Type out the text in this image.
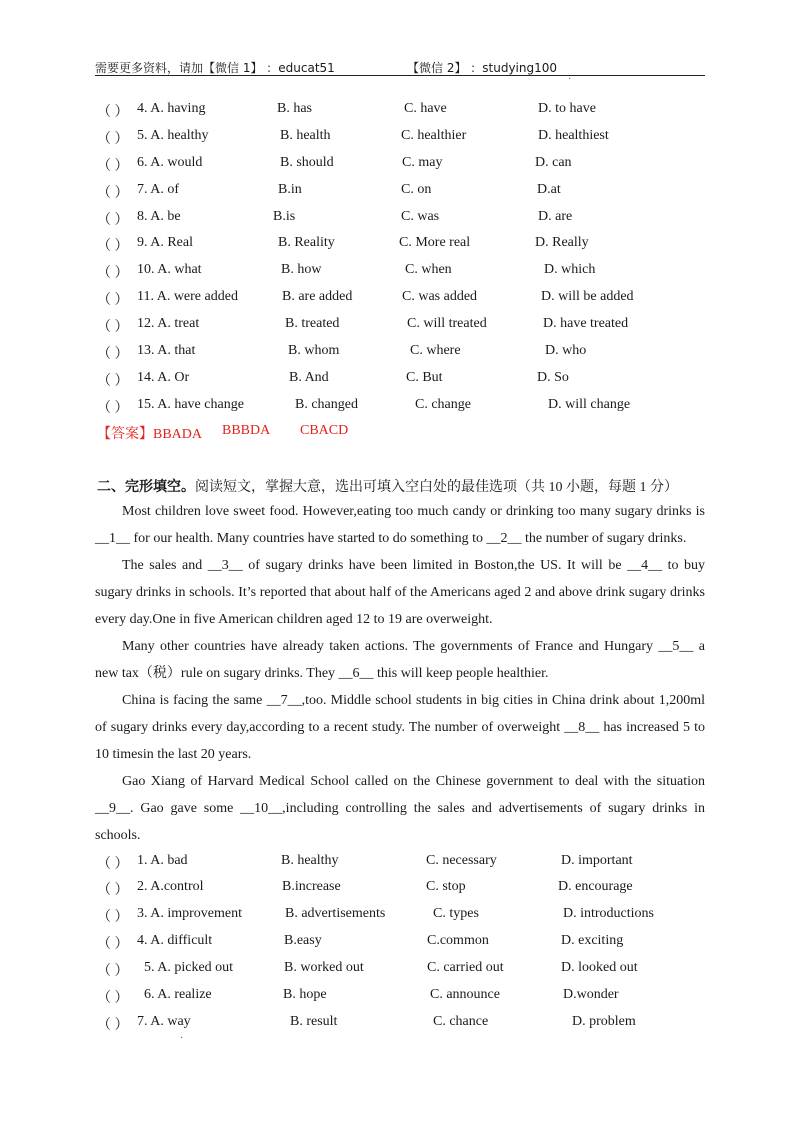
需要更多资料，请加【微信 1】 ：educat51	【微信 2】 ：studying100
·
（ ） 4. A. having	B. has	C. have	D. to have
（ ） 5. A. healthy	B. health	C. healthier	D. healthiest
（ ） 6. A. would	B. should	C. may	D. can
（ ） 7. A. of	B.in	C. on	D.at
（ ） 8. A. be	B.is	C. was	D. are
（ ） 9. A. Real	B. Reality	C. More real	D. Really
（ ） 10. A. what	B. how	C. when	D. which
（ ） 11. A. were added	B. are added	C. was added	D. will be added
（ ） 12. A. treat	B. treated	C. will treated	D. have treated
（ ） 13. A. that	B. whom	C. where	D. who
（ ） 14. A. Or	B. And	C. But	D. So
（ ） 15. A. have change	B. changed	C. change	D. will change
【答案】BBADA BBBDA CBACD
二、完形填空。阅读短文，掌握大意，选出可填入空白处的最佳选项（共 10 小题，每题 1 分）

Most children love sweet food. However,eating too much candy or drinking too many sugary drinks is __1__ for our health. Many countries have started to do something to __2__ the number of sugary drinks.

The sales and __3__ of sugary drinks have been limited in Boston,the US. It will be __4__ to buy sugary drinks in schools. It’s reported that about half of the Americans aged 2 and above drink sugary drinks every day.One in five American children aged 12 to 19 are overweight.

Many other countries have already taken actions. The governments of France and Hungary __5__ a new tax（税）rule on sugary drinks. They __6__ this will keep people healthier.

China is facing the same __7__,too. Middle school students in big cities in China drink about 1,200ml of sugary drinks every day,according to a recent study. The number of overweight __8__ has increased 5 to 10 timesin the last 20 years.

Gao Xiang of Harvard Medical School called on the Chinese government to deal with the situation __9__. Gao gave some __10__,including controlling the sales and advertisements of sugary drinks in schools.

（ ） 1. A. bad	B. healthy	C. necessary	D. important
（ ） 2. A.control	B.increase	C. stop	D. encourage
（ ） 3. A. improvement	B. advertisements	C. types	D. introductions
（ ） 4. A. difficult	B.easy	C.common	D. exciting
（ ） 5. A. picked out	B. worked out	C. carried out	D. looked out
（ ） 6. A. realize	B. hope	C. announce	D.wonder
（ ） 7. A. way	B. result	C. chance	D. problem
·
